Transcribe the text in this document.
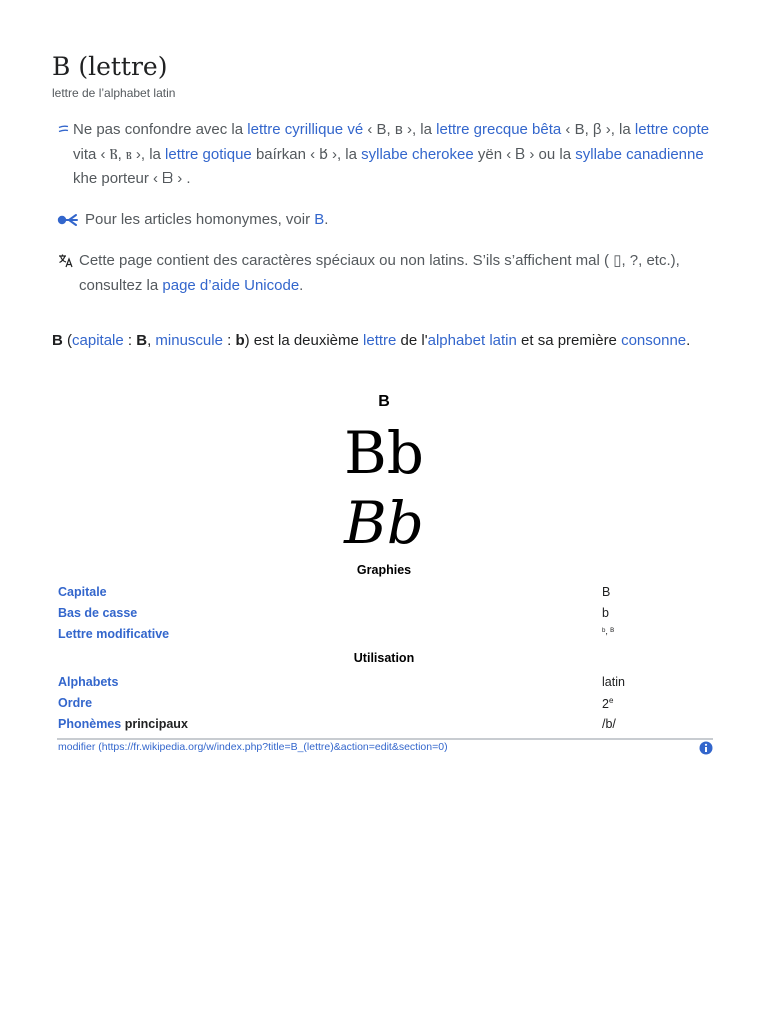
B (lettre)
lettre de l’alphabet latin
Ne pas confondre avec la lettre cyrillique vé ‹ В, в ›, la lettre grecque bêta ‹ Β, β ›, la lettre copte vita ‹ Ⲃ, ⲃ ›, la lettre gotique baírkan ‹ 𐌱 ›, la syllabe cherokee yën ‹ Ᏼ › ou la syllabe canadienne khe porteur ‹ ᗷ › .
Pour les articles homonymes, voir B.
Cette page contient des caractères spéciaux ou non latins. S’ils s’affichent mal ( ▯, ?, etc.), consultez la page d’aide Unicode.
B (capitale : B, minuscule : b) est la deuxième lettre de l'alphabet latin et sa première consonne.
B
Bb
Bb
Graphies
Capitale	B
Bas de casse	b
Lettre modificative	ᵇ, ᴮ
Utilisation
Alphabets	latin
Ordre	2e
Phonèmes principaux	/b/
modifier (https://fr.wikipedia.org/w/index.php?title=B_(lettre)&action=edit&section=0)
